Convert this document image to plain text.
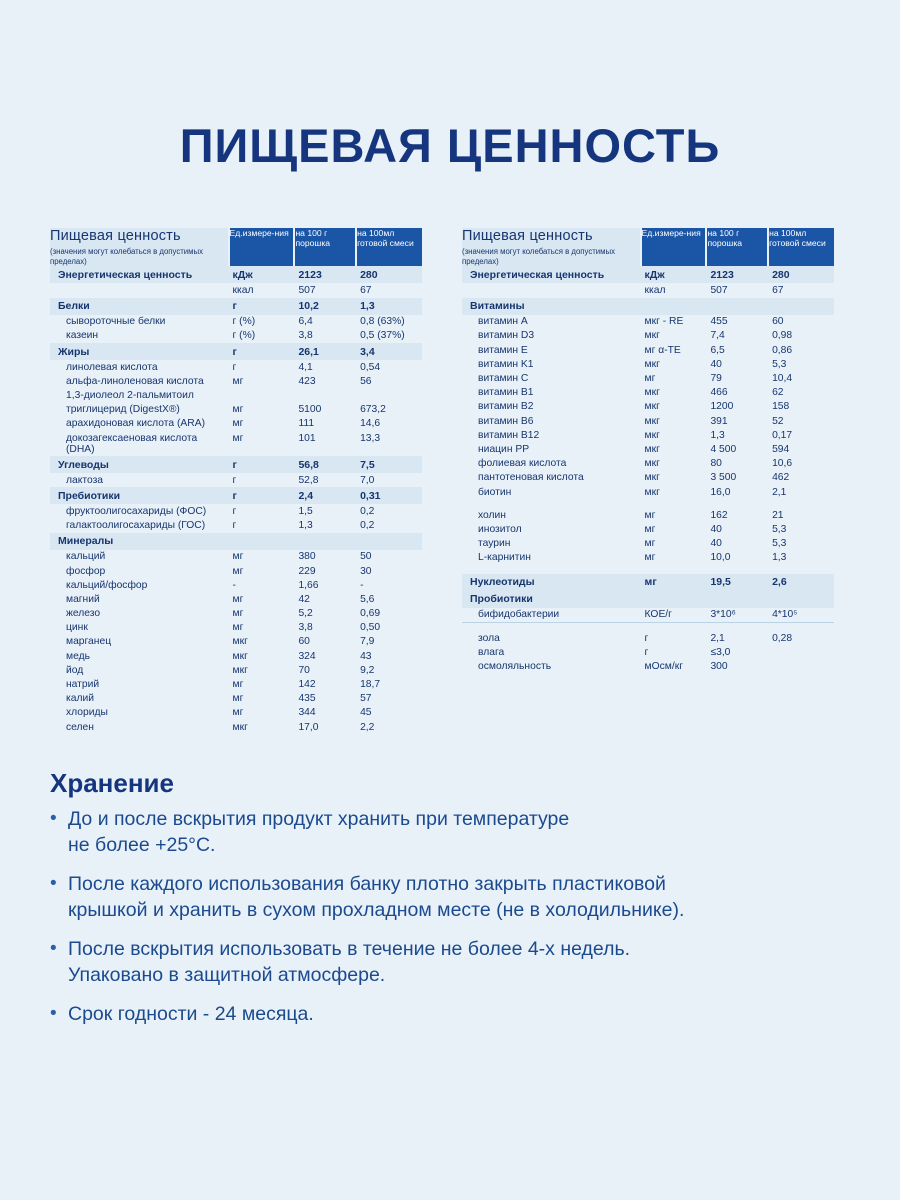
ПИЩЕВАЯ ЦЕННОСТЬ
Пищевая ценность
(значения могут колебаться в допустимых пределах)	Ед.измере-ния	на 100 г порошка	на 100мл готовой смеси
Энергетическая ценность	кДж	2123	280
	ккал	507	67
Белки	г	10,2	1,3
сывороточные белки	г (%)	6,4	0,8 (63%)
казеин	г (%)	3,8	0,5 (37%)
Жиры	г	26,1	3,4
линолевая кислота	г	4,1	0,54
альфа-линоленовая кислота	мг	423	56
1,3-диолеол 2-пальмитоил			
триглицерид (DigestX®)	мг	5100	673,2
арахидоновая кислота (ARA)	мг	111	14,6
докозагексаеновая кислота (DHA)	мг	101	13,3
Углеводы	г	56,8	7,5
лактоза	г	52,8	7,0
Пребиотики	г	2,4	0,31
фруктоолигосахариды (ФОС)	г	1,5	0,2
галактоолигосахариды (ГОС)	г	1,3	0,2
Минералы			
кальций	мг	380	50
фосфор	мг	229	30
кальций/фосфор	-	1,66	-
магний	мг	42	5,6
железо	мг	5,2	0,69
цинк	мг	3,8	0,50
марганец	мкг	60	7,9
медь	мкг	324	43
йод	мкг	70	9,2
натрий	мг	142	18,7
калий	мг	435	57
хлориды	мг	344	45
селен	мкг	17,0	2,2
Пищевая ценность
(значения могут колебаться в допустимых пределах)	Ед.измере-ния	на 100 г порошка	на 100мл готовой смеси
Энергетическая ценность	кДж	2123	280
	ккал	507	67
Витамины			
витамин A	мкг - RE	455	60
витамин D3	мкг	7,4	0,98
витамин E	мг α-TE	6,5	0,86
витамин K1	мкг	40	5,3
витамин C	мг	79	10,4
витамин B1	мкг	466	62
витамин B2	мкг	1200	158
витамин B6	мкг	391	52
витамин B12	мкг	1,3	0,17
ниацин PP	мкг	4 500	594
фолиевая кислота	мкг	80	10,6
пантотеновая кислота	мкг	3 500	462
биотин	мкг	16,0	2,1

холин	мг	162	21
инозитол	мг	40	5,3
таурин	мг	40	5,3
L-карнитин	мг	10,0	1,3

Нуклеотиды	мг	19,5	2,6
Пробиотики			
бифидобактерии	КОЕ/г	3*10⁶	4*10⁵

зола	г	2,1	0,28
влага	г	≤3,0	
осмоляльность	мОсм/кг	300	
Хранение
• До и после вскрытия продукт хранить при температуре
не более +25°C.
• После каждого использования банку плотно закрыть пластиковой
крышкой и хранить в сухом прохладном месте (не в холодильнике).
• После вскрытия использовать в течение не более 4-х недель.
Упаковано в защитной атмосфере.
• Срок годности - 24 месяца.
